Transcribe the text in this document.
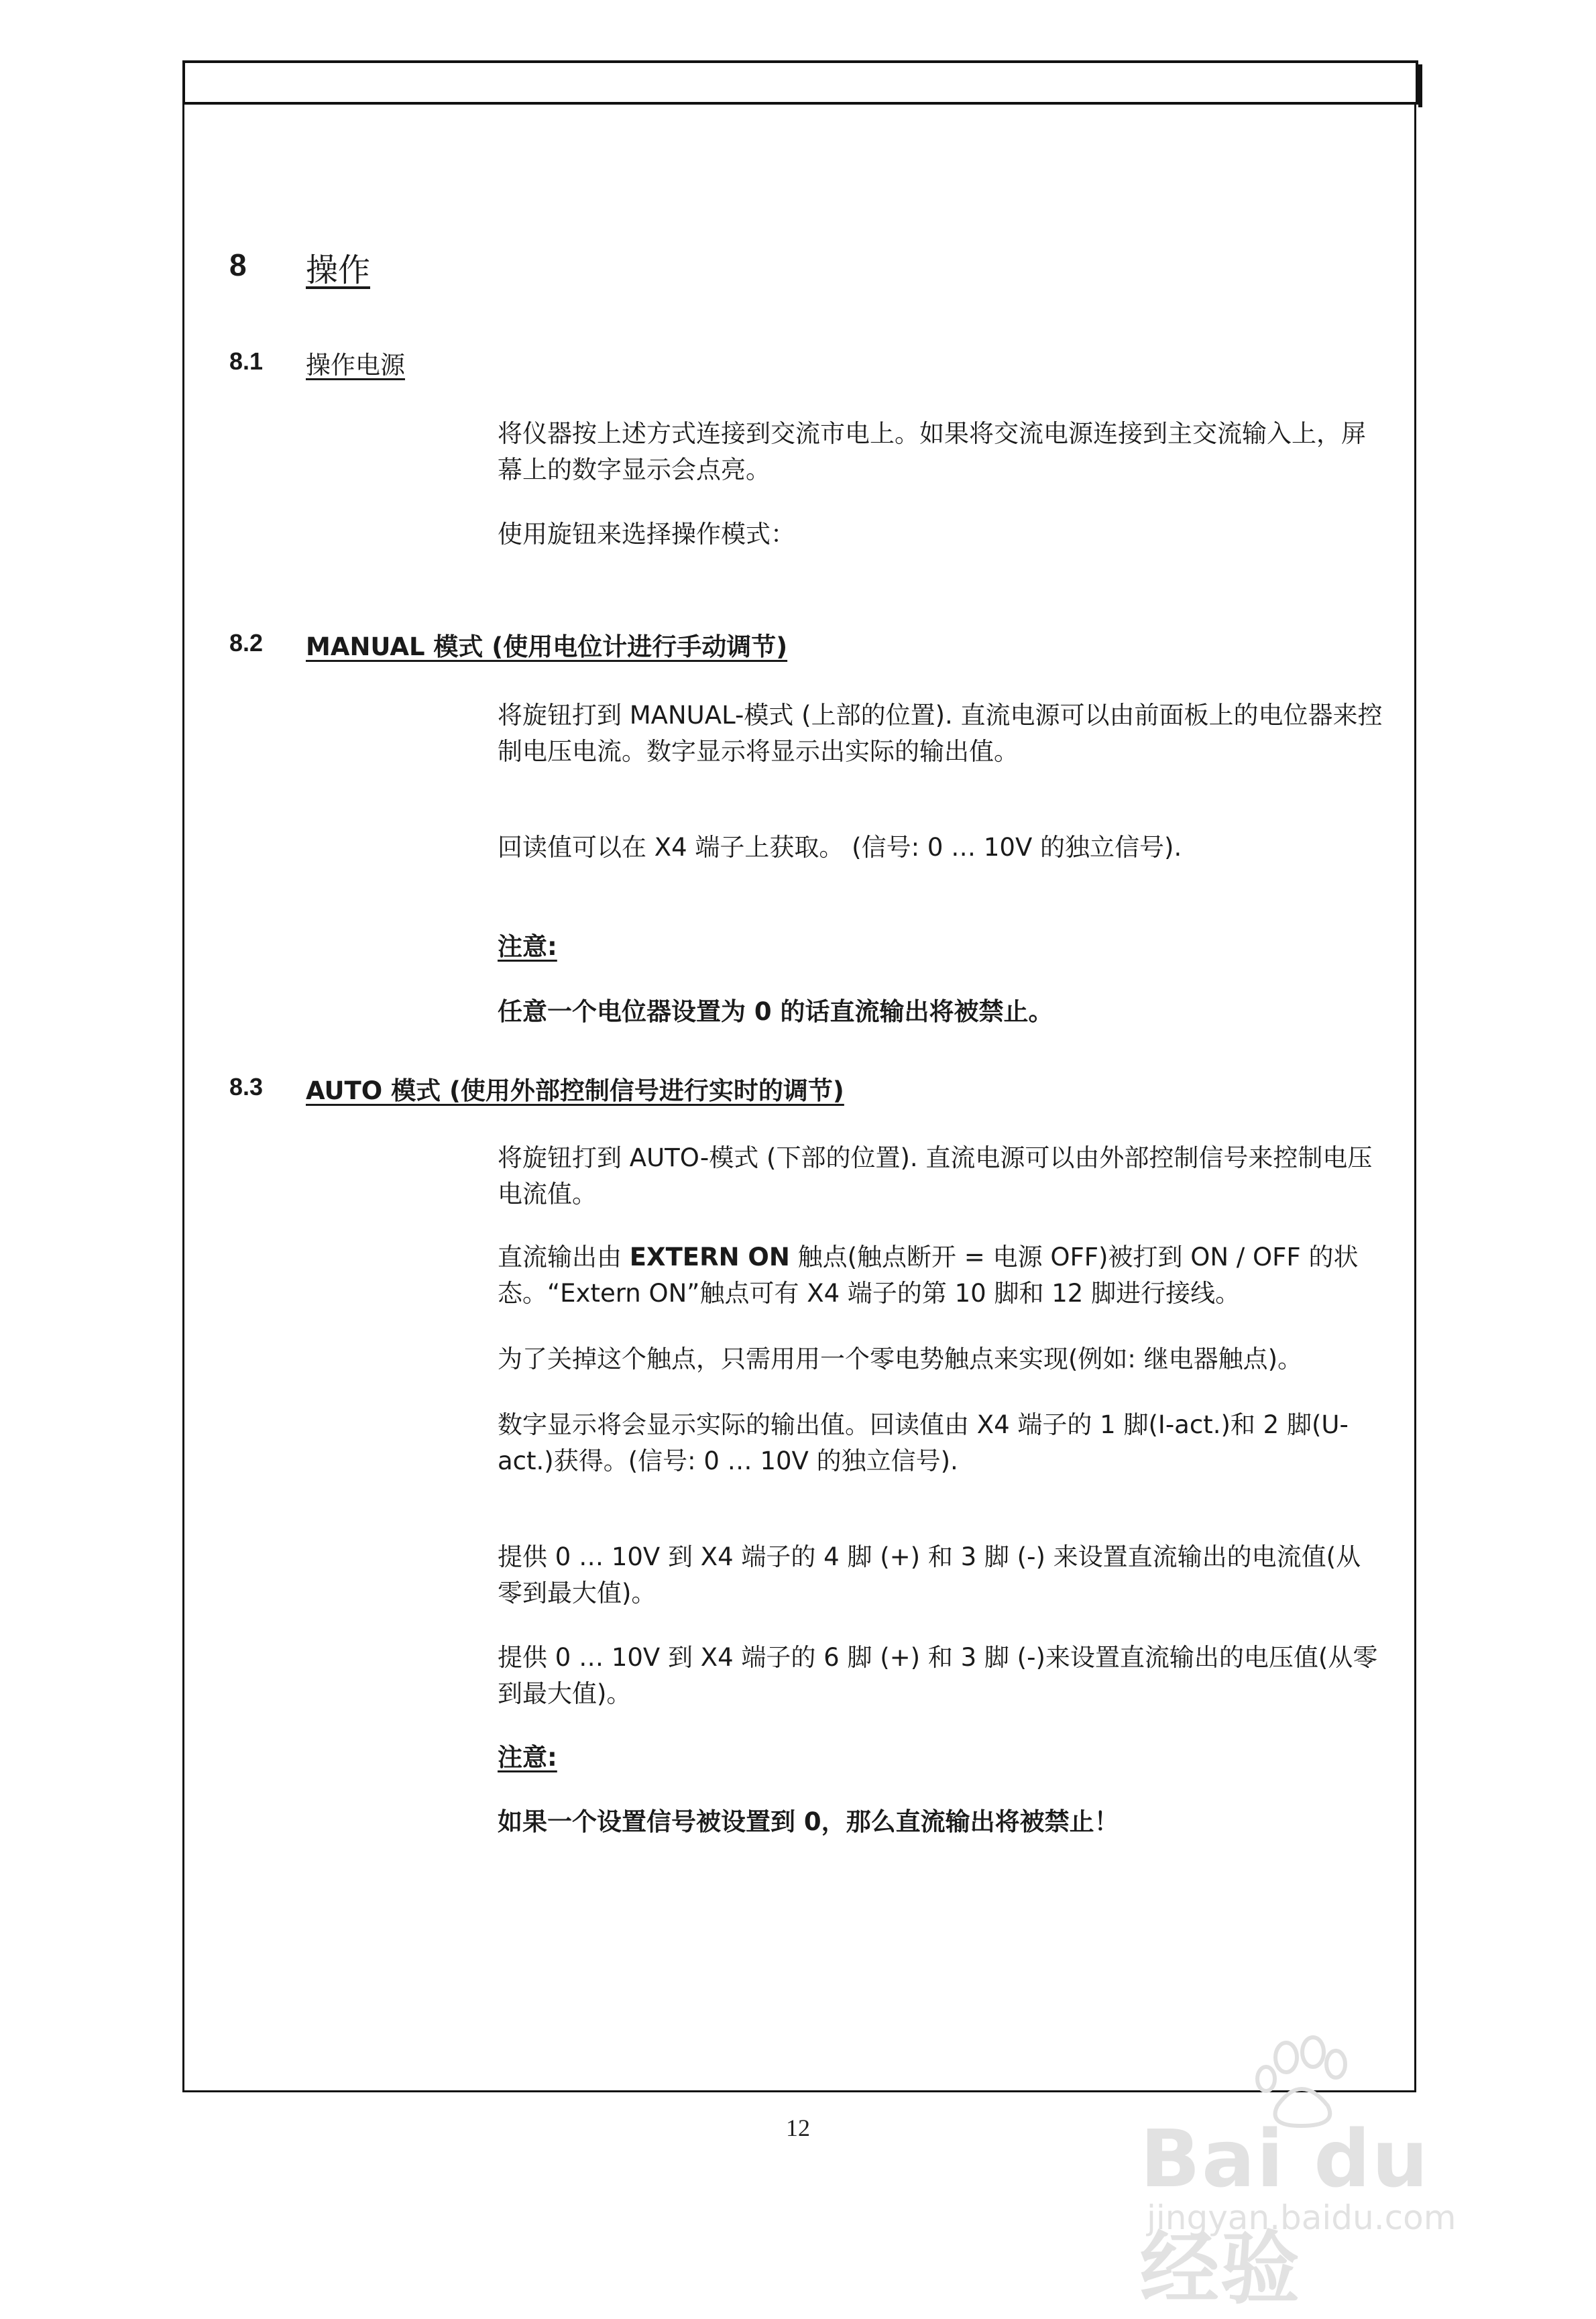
8 操作
8.1 操作电源
将仪器按上述方式连接到交流市电上。如果将交流电源连接到主交流输入上，屏幕上的数字显示会点亮。
使用旋钮来选择操作模式：
8.2 MANUAL 模式 (使用电位计进行手动调节)
将旋钮打到 MANUAL-模式 (上部的位置). 直流电源可以由前面板上的电位器来控制电压电流。数字显示将显示出实际的输出值。
回读值可以在 X4 端子上获取。 (信号: 0 … 10V 的独立信号).
注意:
任意一个电位器设置为 0 的话直流输出将被禁止。
8.3 AUTO 模式 (使用外部控制信号进行实时的调节)
将旋钮打到 AUTO-模式 (下部的位置). 直流电源可以由外部控制信号来控制电压电流值。
直流输出由 EXTERN ON 触点(触点断开 = 电源 OFF)被打到 ON / OFF 的状态。“Extern ON”触点可有 X4 端子的第 10 脚和 12 脚进行接线。
为了关掉这个触点，只需用用一个零电势触点来实现(例如: 继电器触点)。
数字显示将会显示实际的输出值。回读值由 X4 端子的 1 脚(I-act.)和 2 脚(U-act.)获得。(信号: 0 … 10V 的独立信号).
提供 0 … 10V 到 X4 端子的 4 脚 (+) 和 3 脚 (-) 来设置直流输出的电流值(从零到最大值)。
提供 0 … 10V 到 X4 端子的 6 脚 (+) 和 3 脚 (-)来设置直流输出的电压值(从零到最大值)。
注意:
如果一个设置信号被设置到 0，那么直流输出将被禁止！
12	Bai du 经验
jingyan.baidu.com
